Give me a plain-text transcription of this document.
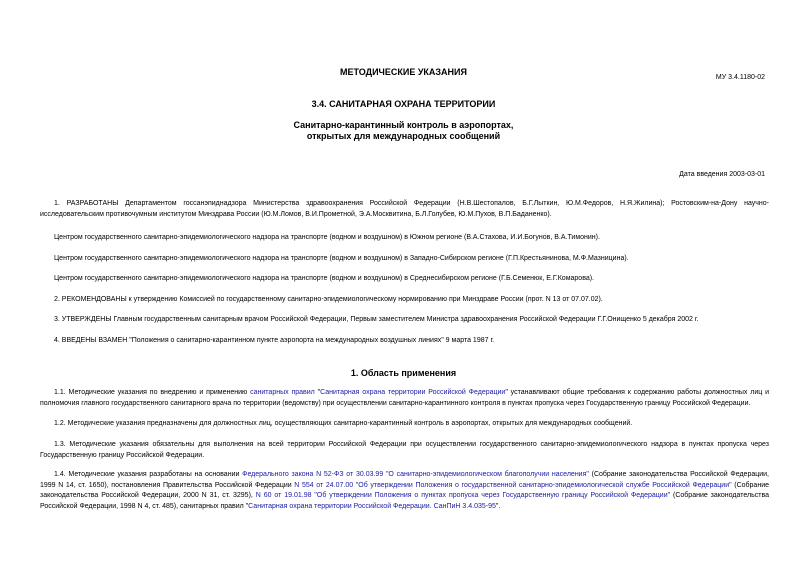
МУ 3.4.1180-02
МЕТОДИЧЕСКИЕ УКАЗАНИЯ
3.4. САНИТАРНАЯ ОХРАНА ТЕРРИТОРИИ
Санитарно-карантинный контроль в аэропортах,
открытых для международных сообщений
Дата введения 2003-03-01
1. РАЗРАБОТАНЫ Департаментом госсанэпиднадзора Министерства здравоохранения Российской Федерации (Н.В.Шестопалов, Б.Г.Лыткин, Ю.М.Федоров, Н.Я.Жилина); Ростовским-на-Дону научно-исследовательским противочумным институтом Минздрава России (Ю.М.Ломов, В.И.Прометной, Э.А.Москвитина, Б.Л.Голубев, Ю.М.Пухов, В.П.Баданенко).
Центром государственного санитарно-эпидемиологического надзора на транспорте (водном и воздушном) в Южном регионе (В.А.Стахова, И.И.Богунов, В.А.Тимонин).
Центром государственного санитарно-эпидемиологического надзора на транспорте (водном и воздушном) в Западно-Сибирском регионе (Г.П.Крестьянинова, М.Ф.Мазницина).
Центром государственного санитарно-эпидемиологического надзора на транспорте (водном и воздушном) в Среднесибирском регионе (Г.Б.Семенюк, Е.Г.Комарова).
2. РЕКОМЕНДОВАНЫ к утверждению Комиссией по государственному санитарно-эпидемиологическому нормированию при Минздраве России (прот. N 13 от 07.07.02).
3. УТВЕРЖДЕНЫ Главным государственным санитарным врачом Российской Федерации, Первым заместителем Министра здравоохранения Российской Федерации Г.Г.Онищенко 5 декабря 2002 г.
4. ВВЕДЕНЫ ВЗАМЕН "Положения о санитарно-карантинном пункте аэропорта на международных воздушных линиях" 9 марта 1987 г.
1. Область применения
1.1. Методические указания по внедрению и применению санитарных правил "Санитарная охрана территории Российской Федерации" устанавливают общие требования к содержанию работы должностных лиц и полномочия главного государственного санитарного врача по территории (ведомству) при осуществлении санитарно-карантинного контроля в пунктах пропуска через Государственную границу Российской Федерации.
1.2. Методические указания предназначены для должностных лиц, осуществляющих санитарно-карантинный контроль в аэропортах, открытых для международных сообщений.
1.3. Методические указания обязательны для выполнения на всей территории Российской Федерации при осуществлении государственного санитарно-эпидемиологического надзора в пунктах пропуска через Государственную границу Российской Федерации.
1.4. Методические указания разработаны на основании Федерального закона N 52-ФЗ от 30.03.99 "О санитарно-эпидемиологическом благополучии населения" (Собрание законодательства Российской Федерации, 1999 N 14, ст. 1650), постановления Правительства Российской Федерации N 554 от 24.07.00 "Об утверждении Положения о государственной санитарно-эпидемиологической службе Российской Федерации" (Собрание законодательства Российской Федерации, 2000 N 31, ст. 3295), N 60 от 19.01.98 "Об утверждении Положения о пунктах пропуска через Государственную границу Российской Федерации" (Собрание законодательства Российской Федерации, 1998 N 4, ст. 485), санитарных правил "Санитарная охрана территории Российской Федерации. СанПиН 3.4.035-95".
